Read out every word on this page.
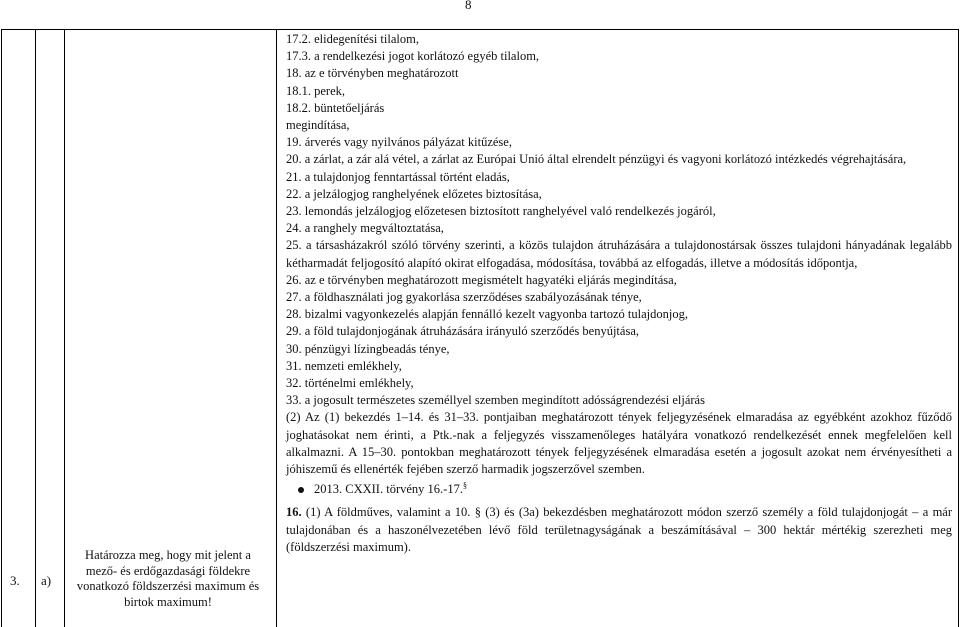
8
3. a)
Határozza meg, hogy mit jelent a mező- és erdőgazdasági földekre vonatkozó földszerzési maximum és birtok maximum!
17.2. elidegenítési tilalom,
17.3. a rendelkezési jogot korlátozó egyéb tilalom,
18. az e törvényben meghatározott
18.1. perek,
18.2. büntetőeljárás
megindítása,
19. árverés vagy nyilvános pályázat kitűzése,
20. a zárlat, a zár alá vétel, a zárlat az Európai Unió által elrendelt pénzügyi és vagyoni korlátozó intézkedés végrehajtására,
21. a tulajdonjog fenntartással történt eladás,
22. a jelzálogjog ranghelyének előzetes biztosítása,
23. lemondás jelzálogjog előzetesen biztosított ranghelyével való rendelkezés jogáról,
24. a ranghely megváltoztatása,
25. a társasházakról szóló törvény szerinti, a közös tulajdon átruházására a tulajdonostársak összes tulajdoni hányadának legalább kétharmadát feljogosító alapító okirat elfogadása, módosítása, továbbá az elfogadás, illetve a módosítás időpontja,
26. az e törvényben meghatározott megismételt hagyatéki eljárás megindítása,
27. a földhasználati jog gyakorlása szerződéses szabályozásának ténye,
28. bizalmi vagyonkezelés alapján fennálló kezelt vagyonba tartozó tulajdonjog,
29. a föld tulajdonjogának átruházására irányuló szerződés benyújtása,
30. pénzügyi lízingbeadás ténye,
31. nemzeti emlékhely,
32. történelmi emlékhely,
33. a jogosult természetes személlyel szemben megindított adósságrendezési eljárás
(2) Az (1) bekezdés 1–14. és 31–33. pontjaiban meghatározott tények feljegyzésének elmaradása az egyébként azokhoz fűződő joghatásokat nem érinti, a Ptk.-nak a feljegyzés visszamenőleges hatályára vonatkozó rendelkezését ennek megfelelően kell alkalmazni. A 15–30. pontokban meghatározott tények feljegyzésének elmaradása esetén a jogosult azokat nem érvényesítheti a jóhiszemű és ellenérték fejében szerző harmadik jogszerzővel szemben.
2013. CXXII. törvény 16.-17.§
16. (1) A földműves, valamint a 10. § (3) és (3a) bekezdésben meghatározott módon szerző személy a föld tulajdonjogát – a már tulajdonában és a haszonélvezetében lévő föld területnagyságának a beszámításával – 300 hektár mértékig szerezheti meg (földszerzési maximum).
